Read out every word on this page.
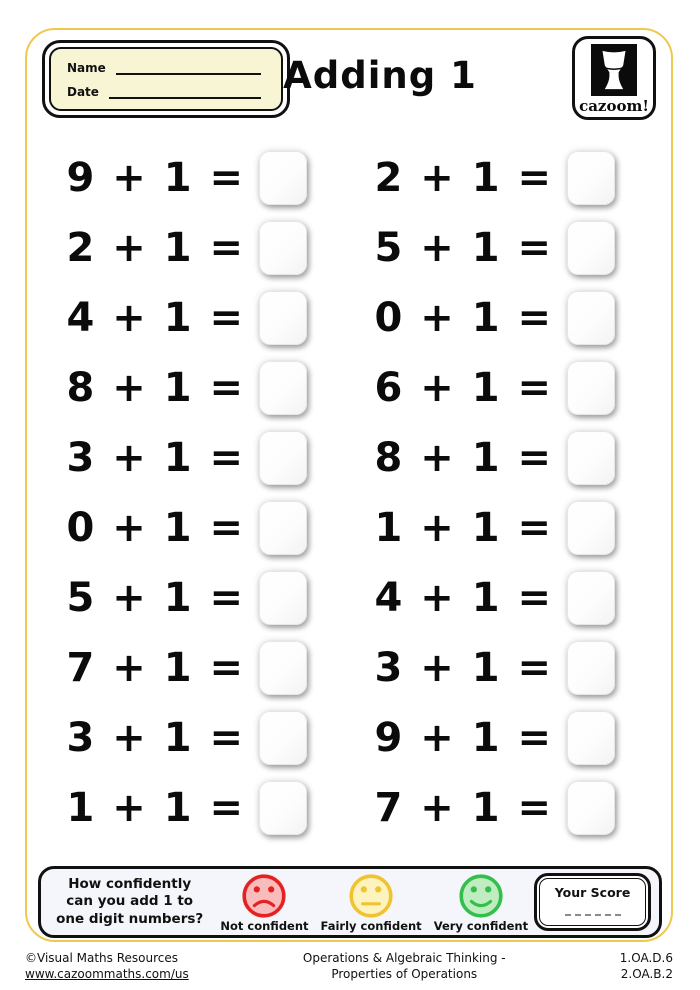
Name
Date	Adding 1
cazoom!
9 + 1 =
2 + 1 =
4 + 1 =
8 + 1 =
3 + 1 =
0 + 1 =
5 + 1 =
7 + 1 =
3 + 1 =
1 + 1 =
2 + 1 =
5 + 1 =
0 + 1 =
6 + 1 =
8 + 1 =
1 + 1 =
4 + 1 =
3 + 1 =
9 + 1 =
7 + 1 =
How confidently
can you add 1 to
one digit numbers? Not confident Fairly confident Very confident
Your Score
©Visual Maths Resources
www.cazoommaths.com/us
Operations & Algebraic Thinking -
Properties of Operations
1.OA.D.6
2.OA.B.2
